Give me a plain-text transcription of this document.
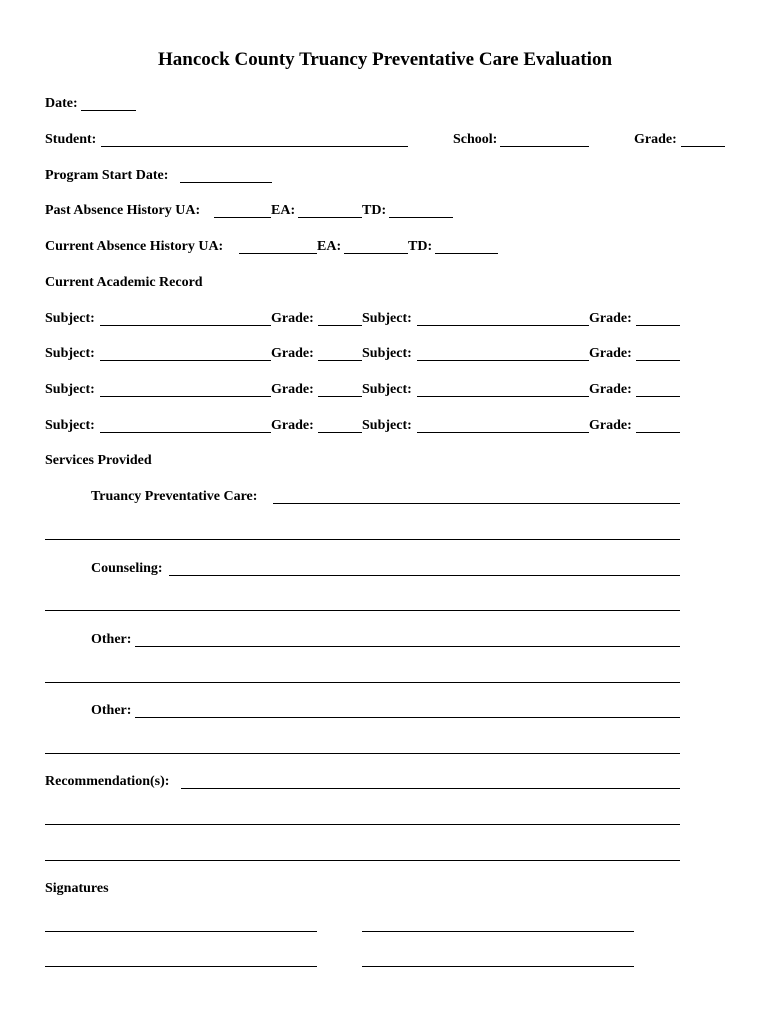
Hancock County Truancy Preventative Care Evaluation
Date:
Student:	School:	Grade:
Program Start Date:
Past Absence History UA:	EA:	TD:
Current Absence History UA:	EA:	TD:
Current Academic Record
Subject:	Grade:	Subject:	Grade:
Subject:	Grade:	Subject:	Grade:
Subject:	Grade:	Subject:	Grade:
Subject:	Grade:	Subject:	Grade:
Services Provided
Truancy Preventative Care:
Counseling:
Other:
Other:
Recommendation(s):
Signatures
